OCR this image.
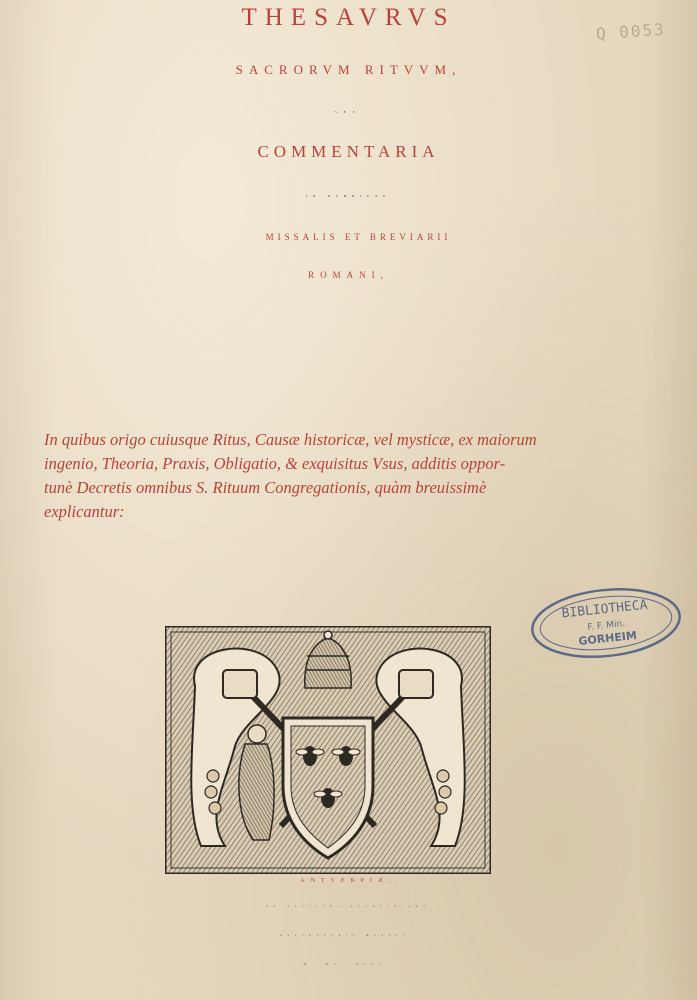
Q 0053
THESAVRVS
SACRORVM RITVVM,
SEV
COMMENTARIA
IN RVBRICAS
MISSALIS ET BREVIARII
ROMANI,
In quibus origo cuiusque Ritus, Causæ historicæ, vel mysticæ, ex maiorum
ingenio, Theoria, Praxis, Obligatio, & exquisitus Vsus, additis oppor-
tunè Decretis omnibus S. Rituum Congregationis, quàm breuissimè
explicantur:
BIBLIOTHECA
F. F. Min.
GORHEIM
ANTVERPIÆ,
EX OFFICINA PLANTINIANA
BALTHASARIS MORETI.
M. DC. XLVI.
